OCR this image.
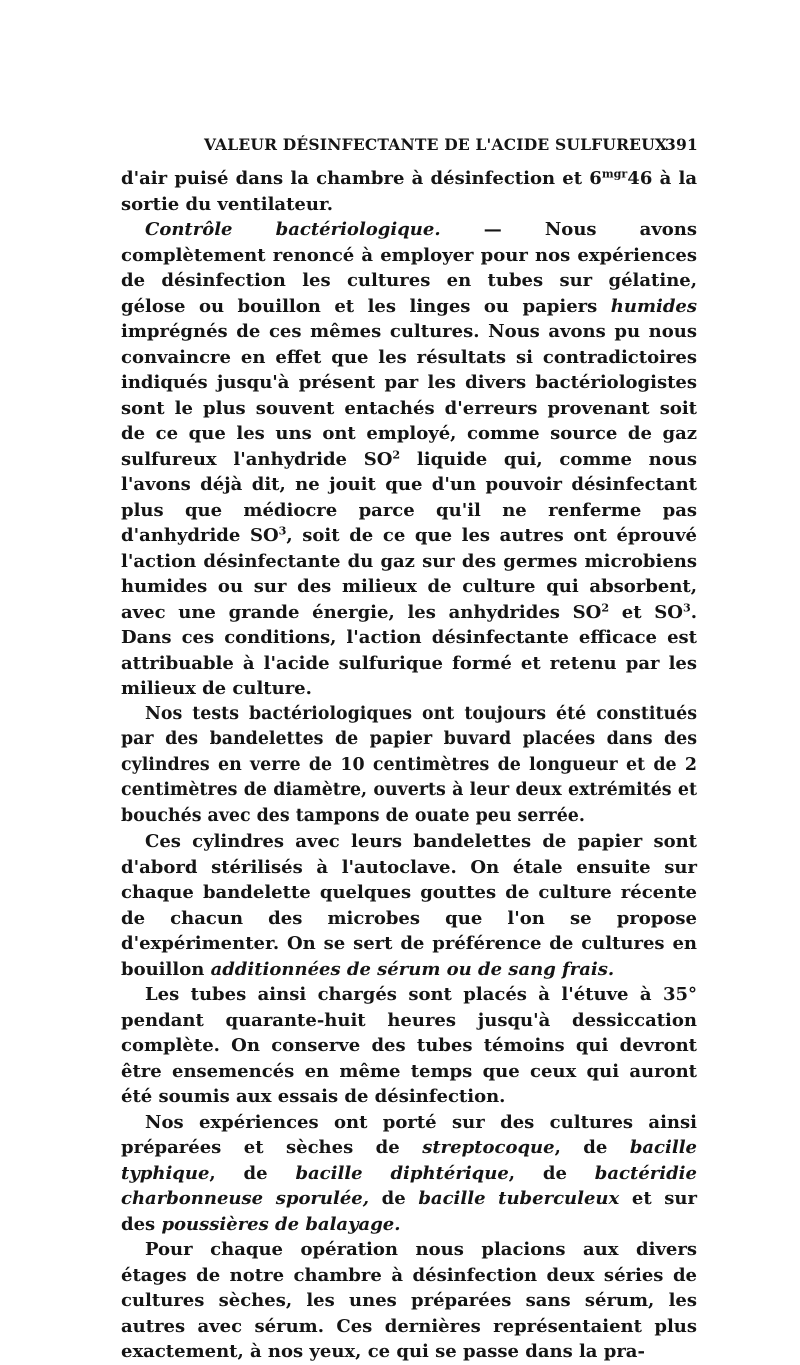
VALEUR DÉSINFECTANTE DE L'ACIDE SULFUREUX
391

d'air puisé dans la chambre à désinfection et $6^{mgr}46$ à la sortie du ventilateur.

Contrôle bactériologique. — Nous avons complètement renoncé à employer pour nos expériences de désinfection les cultures en tubes sur gélatine, gélose ou bouillon et les linges ou papiers humides imprégnés de ces mêmes cultures. Nous avons pu nous convaincre en effet que les résultats si contradictoires indiqués jusqu'à présent par les divers bactériologistes sont le plus souvent entachés d'erreurs provenant soit de ce que les uns ont employé, comme source de gaz sulfureux l'anhydride $SO^2$ liquide qui, comme nous l'avons déjà dit, ne jouit que d'un pouvoir désinfectant plus que médiocre parce qu'il ne renferme pas d'anhydride $SO^3$, soit de ce que les autres ont éprouvé l'action désinfectante du gaz sur des germes microbiens humides ou sur des milieux de culture qui absorbent, avec une grande énergie, les anhydrides $SO^2$ et $SO^3$. Dans ces conditions, l'action désinfectante efficace est attribuable à l'acide sulfurique formé et retenu par les milieux de culture.

Nos tests bactériologiques ont toujours été constitués par des bandelettes de papier buvard placées dans des cylindres en verre de 10 centimètres de longueur et de 2 centimètres de diamètre, ouverts à leur deux extrémités et bouchés avec des tampons de ouate peu serrée.

Ces cylindres avec leurs bandelettes de papier sont d'abord stérilisés à l'autoclave. On étale ensuite sur chaque bandelette quelques gouttes de culture récente de chacun des microbes que l'on se propose d'expérimenter. On se sert de préférence de cultures en bouillon additionnées de sérum ou de sang frais.

Les tubes ainsi chargés sont placés à l'étuve à 35° pendant quarante-huit heures jusqu'à dessiccation complète. On conserve des tubes témoins qui devront être ensemencés en même temps que ceux qui auront été soumis aux essais de désinfection.

Nos expériences ont porté sur des cultures ainsi préparées et sèches de streptocoque, de bacille typhique, de bacille diphtérique, de bactéridie charbonneuse sporulée, de bacille tuberculeux et sur des poussières de balayage.

Pour chaque opération nous placions aux divers étages de notre chambre à désinfection deux séries de cultures sèches, les unes préparées sans sérum, les autres avec sérum. Ces dernières représentaient plus exactement, à nos yeux, ce qui se passe dans la pra-
